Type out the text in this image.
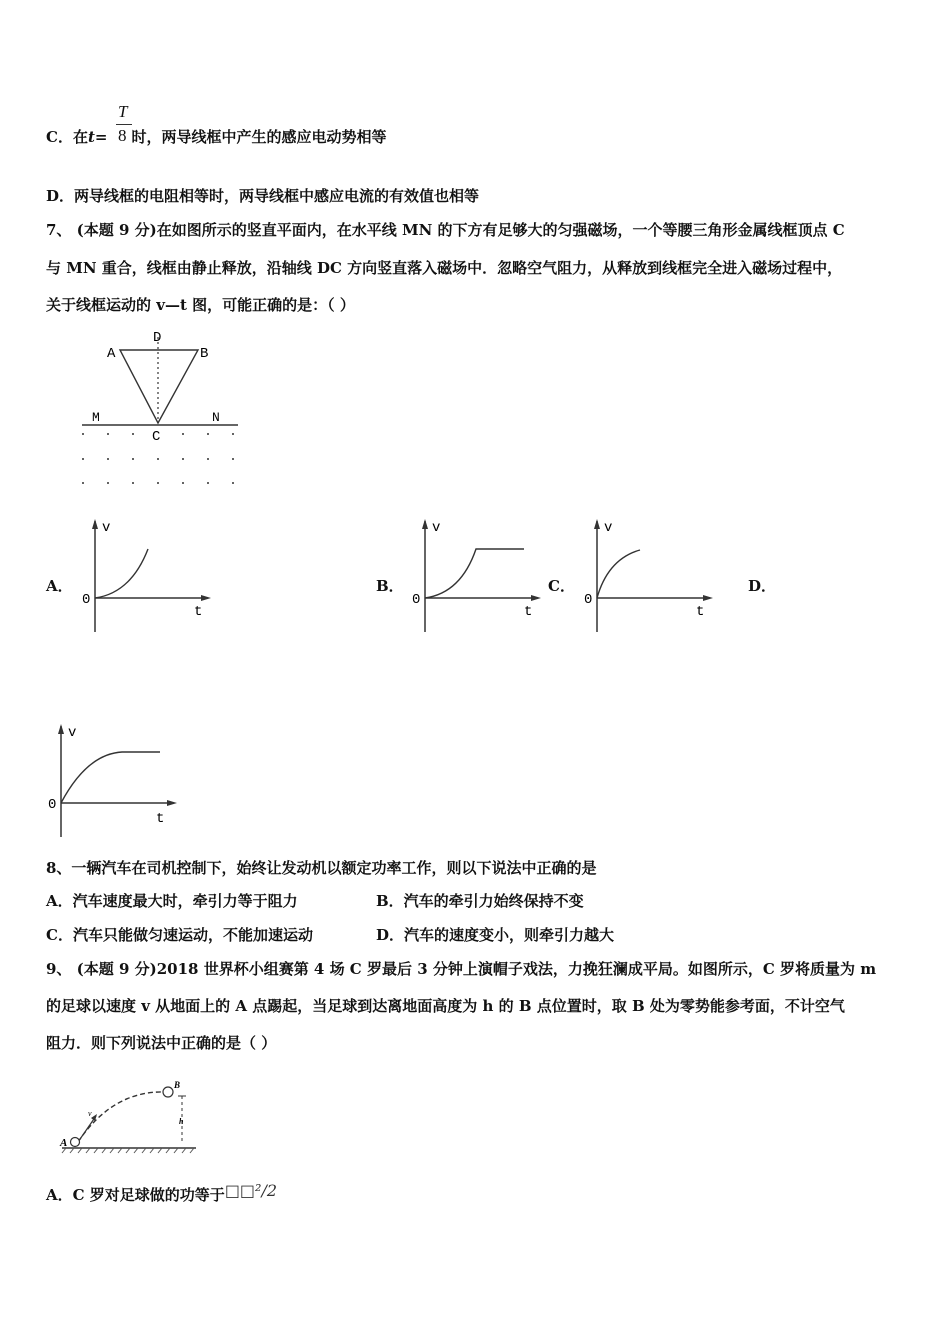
C．在t= 时，两导线框中产生的感应电动势相等
T
8
D．两导线框的电阻相等时，两导线框中感应电流的有效值也相等
7、 (本题 9 分)在如图所示的竖直平面内，在水平线 MN 的下方有足够大的匀强磁场，一个等腰三角形金属线框顶点 C
与 MN 重合，线框由静止释放，沿轴线 DC 方向竖直落入磁场中．忽略空气阻力，从释放到线框完全进入磁场过程中，
关于线框运动的 v—t 图，可能正确的是：（ ）
A
D
B
M	N
C
A．	B．	C．	D．
v
t
0
v
t
0
v
t
0
v
t
0
8、一辆汽车在司机控制下，始终让发动机以额定功率工作，则以下说法中正确的是
A．汽车速度最大时，牵引力等于阻力	B．汽车的牵引力始终保持不变
C．汽车只能做匀速运动，不能加速运动	D．汽车的速度变小，则牵引力越大
9、 (本题 9 分)2018 世界杯小组赛第 4 场 C 罗最后 3 分钟上演帽子戏法，力挽狂澜成平局。如图所示，C 罗将质量为 m
的足球以速度 v 从地面上的 A 点踢起，当足球到达离地面高度为 h 的 B 点位置时，取 B 处为零势能参考面，不计空气
阻力．则下列说法中正确的是（ ）
A
B
h
v
A．C 罗对足球做的功等于□□²/2
